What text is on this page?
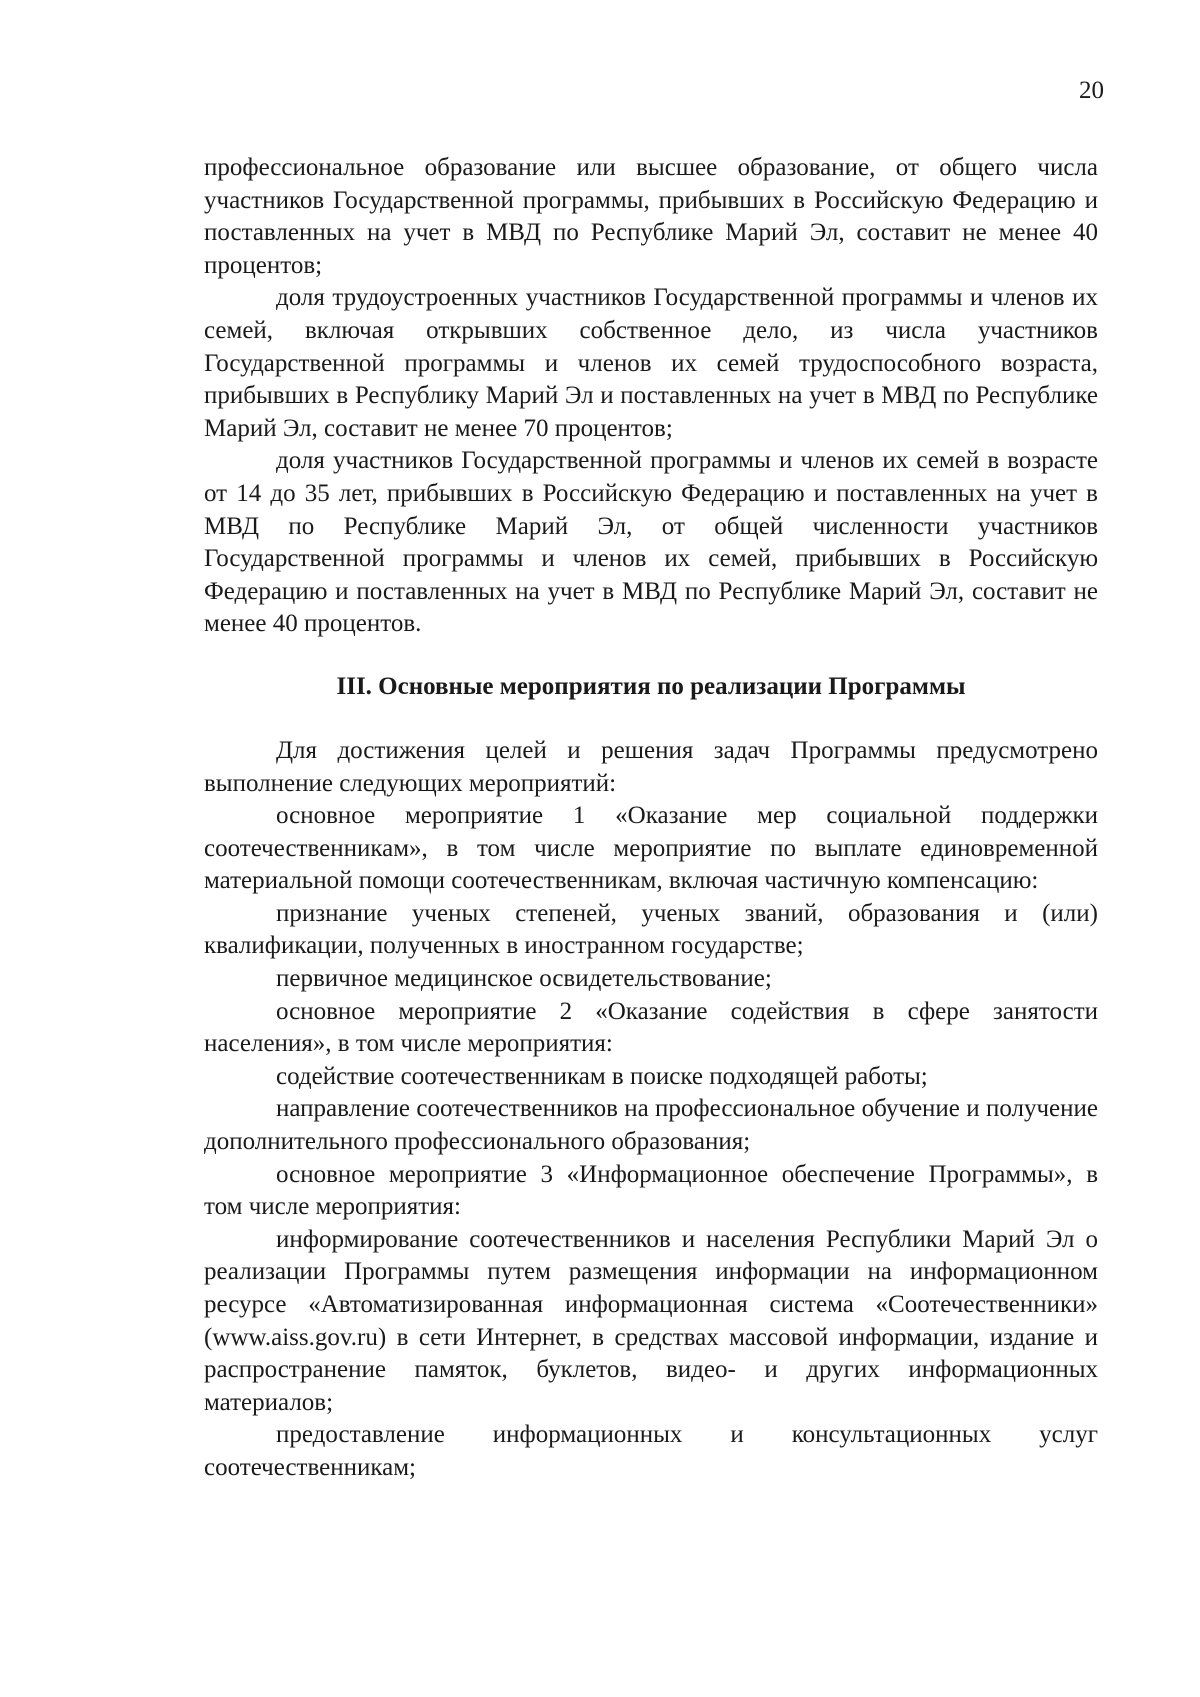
20

профессиональное образование или высшее образование, от общего числа участников Государственной программы, прибывших в Российскую Федерацию и поставленных на учет в МВД по Республике Марий Эл, составит не менее 40 процентов;

доля трудоустроенных участников Государственной программы и членов их семей, включая открывших собственное дело, из числа участников Государственной программы и членов их семей трудоспособного возраста, прибывших в Республику Марий Эл и поставленных на учет в МВД по Республике Марий Эл, составит не менее 70 процентов;

доля участников Государственной программы и членов их семей в возрасте от 14 до 35 лет, прибывших в Российскую Федерацию и поставленных на учет в МВД по Республике Марий Эл, от общей численности участников Государственной программы и членов их семей, прибывших в Российскую Федерацию и поставленных на учет в МВД по Республике Марий Эл, составит не менее 40 процентов.

III. Основные мероприятия по реализации Программы

Для достижения целей и решения задач Программы предусмотрено выполнение следующих мероприятий:

основное мероприятие 1 «Оказание мер социальной поддержки соотечественникам», в том числе мероприятие по выплате единовременной материальной помощи соотечественникам, включая частичную компенсацию:

признание ученых степеней, ученых званий, образования и (или) квалификации, полученных в иностранном государстве;

первичное медицинское освидетельствование;

основное мероприятие 2 «Оказание содействия в сфере занятости населения», в том числе мероприятия:

содействие соотечественникам в поиске подходящей работы;

направление соотечественников на профессиональное обучение и получение дополнительного профессионального образования;

основное мероприятие 3 «Информационное обеспечение Программы», в том числе мероприятия:

информирование соотечественников и населения Республики Марий Эл о реализации Программы путем размещения информации на информационном ресурсе «Автоматизированная информационная система «Соотечественники» (www.aiss.gov.ru) в сети Интернет, в средствах массовой информации, издание и распространение памяток, буклетов, видео- и других информационных материалов;

предоставление информационных и консультационных услуг соотечественникам;
